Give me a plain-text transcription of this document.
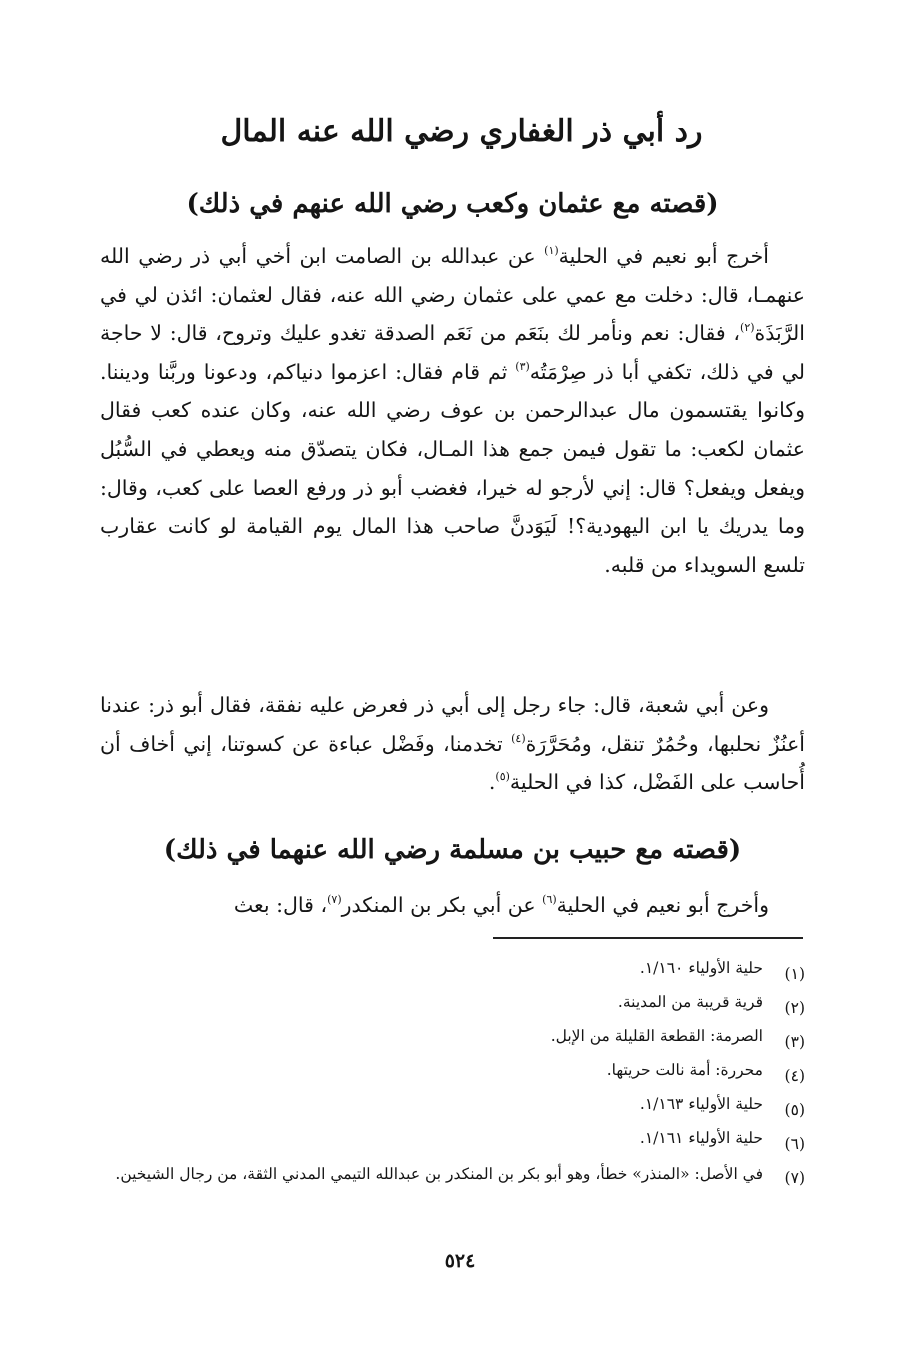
رد أبي ذر الغفاري رضي الله عنه المال
(قصته مع عثمان وكعب رضي الله عنهم في ذلك)

أخرج أبو نعيم في الحلية$^{(١)}$ عن عبدالله بن الصامت ابن أخي أبي ذر رضي الله عنهمـا، قال: دخلت مع عمي على عثمان رضي الله عنه، فقال لعثمان: ائذن لي في الرَّبَذَة$^{(٢)}$، فقال: نعم ونأمر لك بنَعَم من نَعَم الصدقة تغدو عليك وتروح، قال: لا حاجة لي في ذلك، تكفي أبا ذر صِرْمَتُه$^{(٣)}$ ثم قام فقال: اعزموا دنياكم، ودعونا وربَّنا وديننا. وكانوا يقتسمون مال عبدالرحمن بن عوف رضي الله عنه، وكان عنده كعب فقال عثمان لكعب: ما تقول فيمن جمع هذا المـال، فكان يتصدّق منه ويعطي في السُّبُل ويفعل ويفعل؟ قال: إني لأرجو له خيرا، فغضب أبو ذر ورفع العصا على كعب، وقال: وما يدريك يا ابن اليهودية؟! لَيَوَدنَّ صاحب هذا المال يوم القيامة لو كانت عقارب تلسع السويداء من قلبه.

وعن أبي شعبة، قال: جاء رجل إلى أبي ذر فعرض عليه نفقة، فقال أبو ذر: عندنا أعنُزٌ نحلبها، وحُمُرٌ تنقل، ومُحَرَّرَة$^{(٤)}$ تخدمنا، وفَضْل عباءة عن كسوتنا، إني أخاف أن أُحاسب على الفَضْل، كذا في الحلية$^{(٥)}$.

(قصته مع حبيب بن مسلمة رضي الله عنهما في ذلك)

وأخرج أبو نعيم في الحلية$^{(٦)}$ عن أبي بكر بن المنكدر$^{(٧)}$، قال: بعث

(١)
حلية الأولياء ١/١٦٠.
(٢)
قرية قريبة من المدينة.
(٣)
الصرمة: القطعة القليلة من الإبل.
(٤)
محررة: أمة نالت حريتها.
(٥)
حلية الأولياء ١/١٦٣.
(٦)
حلية الأولياء ١/١٦١.
(٧)
في الأصل: «المنذر» خطأ، وهو أبو بكر بن المنكدر بن عبدالله التيمي المدني الثقة، من رجال الشيخين.
٥٢٤
